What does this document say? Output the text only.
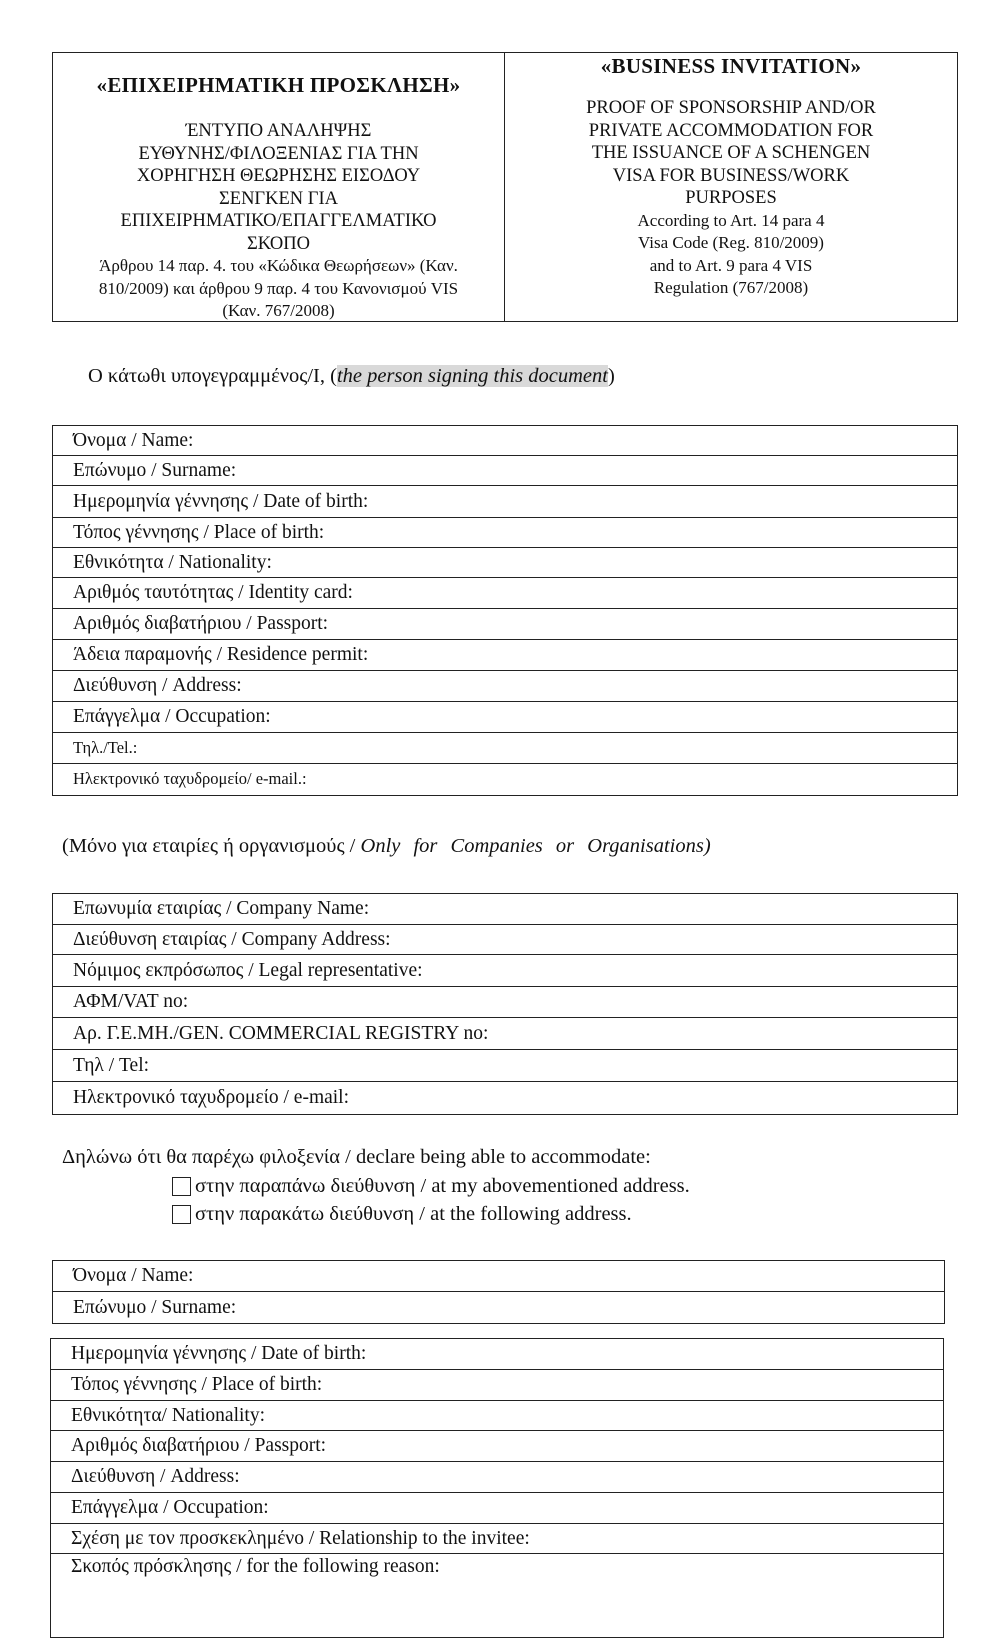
«ΕΠΙΧΕΙΡΗΜΑΤΙΚΗ ΠΡΟΣΚΛΗΣΗ»
ΈΝΤΥΠΟ ΑΝΑΛΗΨΗΣ
ΕΥΘΥΝΗΣ/ΦΙΛΟΞΕΝΙΑΣ ΓΙΑ ΤΗΝ
ΧΟΡΗΓΗΣΗ ΘΕΩΡΗΣΗΣ ΕΙΣΟΔΟΥ
ΣΕΝΓΚΕΝ ΓΙΑ
ΕΠΙΧΕΙΡΗΜΑΤΙΚΟ/ΕΠΑΓΓΕΛΜΑΤΙΚΟ
ΣΚΟΠΟ
Άρθρου 14 παρ. 4. του «Κώδικα Θεωρήσεων» (Καν.
810/2009) και άρθρου 9 παρ. 4 του Κανονισμού VIS
(Καν. 767/2008)
«BUSINESS INVITATION»
PROOF OF SPONSORSHIP AND/OR
PRIVATE ACCOMMODATION FOR
THE ISSUANCE OF A SCHENGEN
VISA FOR BUSINESS/WORK
PURPOSES
According to Art. 14 para 4
Visa Code (Reg. 810/2009)
and to Art. 9 para 4 VIS
Regulation (767/2008)
Ο κάτωθι υπογεγραμμένος/I, (the person signing this document)
Όνομα / Name:
Επώνυμο / Surname:
Ημερομηνία γέννησης / Date of birth:
Τόπος γέννησης / Place of birth:
Εθνικότητα / Nationality:
Αριθμός ταυτότητας / Identity card:
Αριθμός διαβατήριου / Passport:
Άδεια παραμονής / Residence permit:
Διεύθυνση / Address:
Επάγγελμα / Occupation:
Τηλ./Tel.:
Ηλεκτρονικό ταχυδρομείο/ e-mail.:
(Μόνο για εταιρίες ή οργανισμούς / Only for Companies or Organisations)
Επωνυμία εταιρίας / Company Name:
Διεύθυνση εταιρίας / Company Address:
Νόμιμος εκπρόσωπος / Legal representative:
ΑΦΜ/VAT no:
Αρ. Γ.Ε.ΜΗ./GEN. COMMERCIAL REGISTRY no:
Τηλ / Tel:
Ηλεκτρονικό ταχυδρομείο / e-mail:
Δηλώνω ότι θα παρέχω φιλοξενία / declare being able to accommodate:
στην παραπάνω διεύθυνση / at my abovementioned address.
στην παρακάτω διεύθυνση / at the following address.
Όνομα / Name:
Επώνυμο / Surname:
Ημερομηνία γέννησης / Date of birth:
Τόπος γέννησης / Place of birth:
Εθνικότητα/ Nationality:
Αριθμός διαβατήριου / Passport:
Διεύθυνση / Address:
Επάγγελμα / Occupation:
Σχέση με τον προσκεκλημένο / Relationship to the invitee:
Σκοπός πρόσκλησης / for the following reason:
